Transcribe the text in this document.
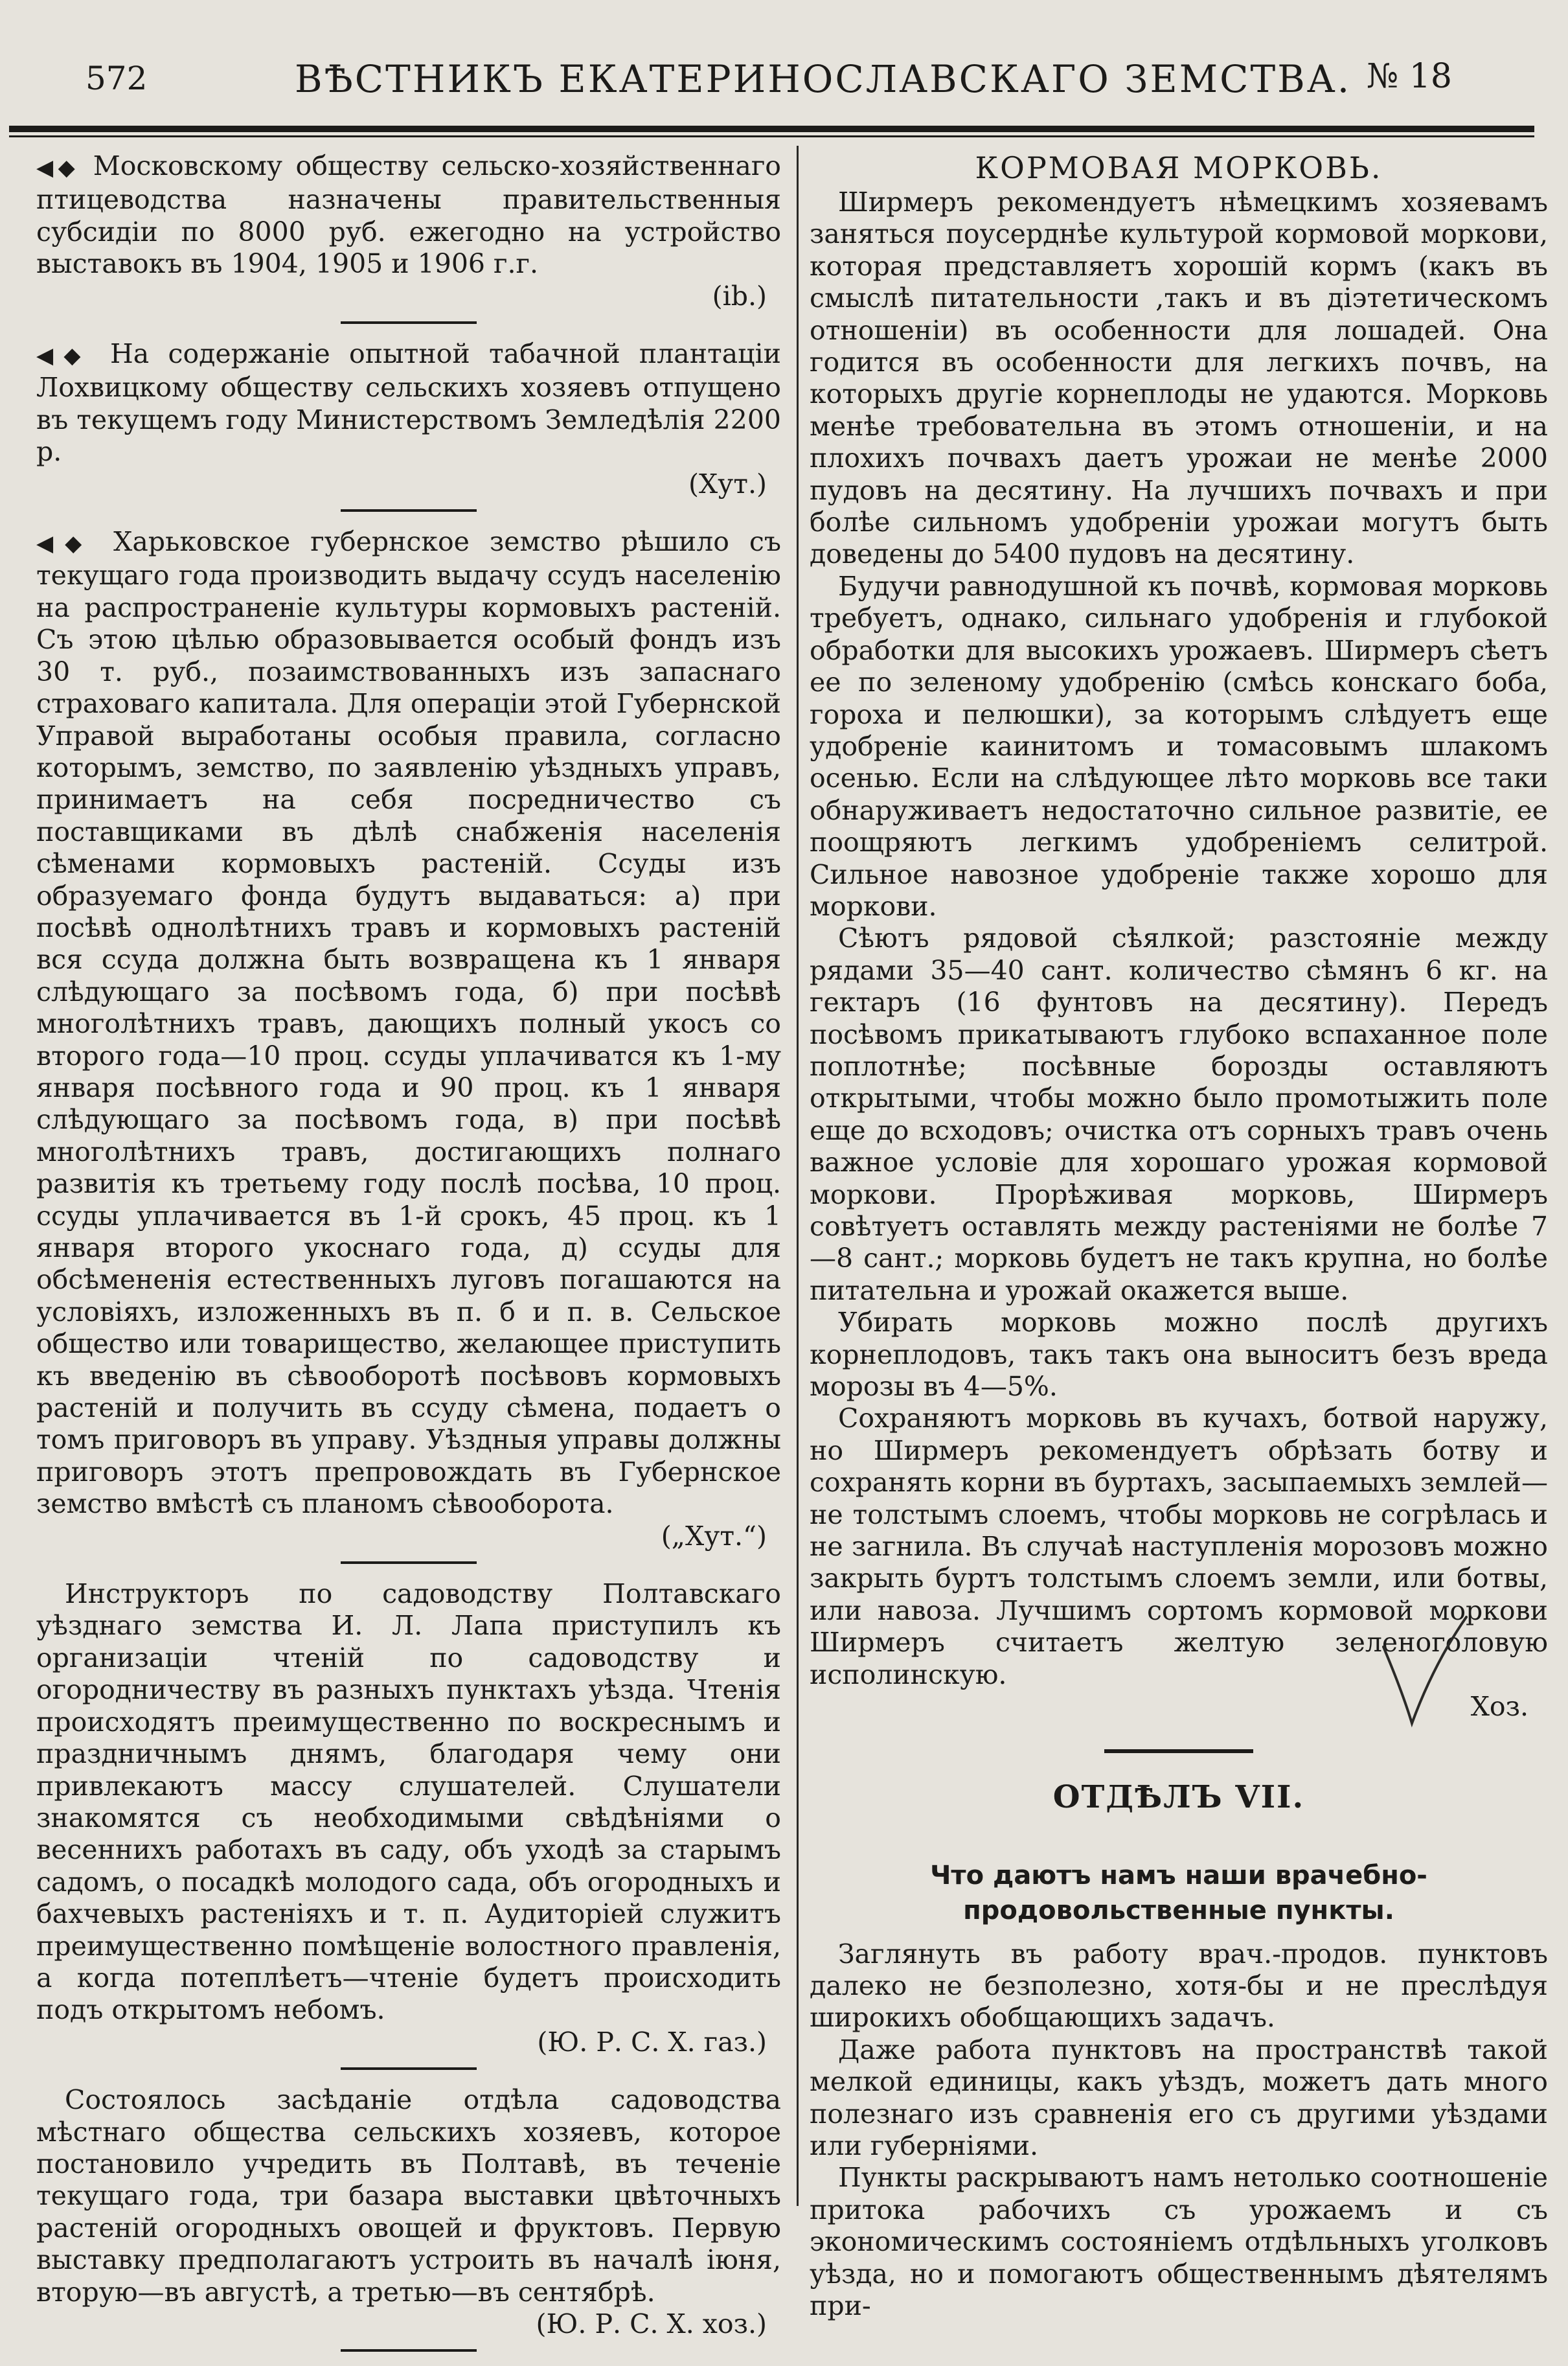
572	ВѢСТНИКЪ ЕКАТЕРИНОСЛАВСКАГО ЗЕМСТВА. № 18
◀◆ Московскому обществу сельско-хозяйственнаго птицеводства назначены правительственныя субсидіи по 8000 руб. ежегодно на устройство выставокъ въ 1904, 1905 и 1906 г.г.
(ib.)
◀◆ На содержаніе опытной табачной плантаціи Лохвицкому обществу сельскихъ хозяевъ отпущено въ текущемъ году Министерствомъ Земледѣлія 2200 р.
(Хут.)
◀◆ Харьковское губернское земство рѣшило съ текущаго года производить выдачу ссудъ населенію на распространеніе культуры кормовыхъ растеній. Съ этою цѣлью образовывается особый фондъ изъ 30 т. руб., позаимствованныхъ изъ запаснаго страховаго капитала. Для операціи этой Губернской Управой выработаны особыя правила, согласно которымъ, земство, по заявленію уѣздныхъ управъ, принимаетъ на себя посредничество съ поставщиками въ дѣлѣ снабженія населенія сѣменами кормовыхъ растеній. Ссуды изъ образуемаго фонда будутъ выдаваться: а) при посѣвѣ однолѣтнихъ травъ и кормовыхъ растеній вся ссуда должна быть возвращена къ 1 января слѣдующаго за посѣвомъ года, б) при посѣвѣ многолѣтнихъ травъ, дающихъ полный укосъ со второго года—10 проц. ссуды уплачиватся къ 1-му января посѣвного года и 90 проц. къ 1 января слѣдующаго за посѣвомъ года, в) при посѣвѣ многолѣтнихъ травъ, достигающихъ полнаго развитія къ третьему году послѣ посѣва, 10 проц. ссуды уплачивается въ 1-й срокъ, 45 проц. къ 1 января второго укоснаго года, д) ссуды для обсѣмененія естественныхъ луговъ погашаются на условіяхъ, изложенныхъ въ п. б и п. в. Сельское общество или товарищество, желающее приступить къ введенію въ сѣвооборотѣ посѣвовъ кормовыхъ растеній и получить въ ссуду сѣмена, подаетъ о томъ приговоръ въ управу. Уѣздныя управы должны приговоръ этотъ препровождать въ Губернское земство вмѣстѣ съ планомъ сѣвооборота.
(„Хут.“)

Инструкторъ по садоводству Полтавскаго уѣзднаго земства И. Л. Лапа приступилъ къ организаціи чтеній по садоводству и огородничеству въ разныхъ пунктахъ уѣзда. Чтенія происходятъ преимущественно по воскреснымъ и праздничнымъ днямъ, благодаря чему они привлекаютъ массу слушателей. Слушатели знакомятся съ необходимыми свѣдѣніями о весеннихъ работахъ въ саду, объ уходѣ за старымъ садомъ, о посадкѣ молодого сада, объ огородныхъ и бахчевыхъ растеніяхъ и т. п. Аудиторіей служитъ преимущественно помѣщеніе волостного правленія, а когда потеплѣетъ—чтеніе будетъ происходить подъ открытомъ небомъ.
(Ю. Р. С. Х. газ.)

Состоялось засѣданіе отдѣла садоводства мѣстнаго общества сельскихъ хозяевъ, которое постановило учредить въ Полтавѣ, въ теченіе текущаго года, три базара выставки цвѣточныхъ растеній огородныхъ овощей и фруктовъ. Первую выставку предполагаютъ устроить въ началѣ іюня, вторую—въ августѣ, а третью—въ сентябрѣ.
(Ю. Р. С. Х. хоз.)

КОРМОВАЯ МОРКОВЬ.

Ширмеръ рекомендуетъ нѣмецкимъ хозяевамъ заняться поусерднѣе культурой кормовой моркови, которая представляетъ хорошій кормъ (какъ въ смыслѣ питательности ,такъ и въ діэтетическомъ отношеніи) въ особенности для лошадей. Она годится въ особенности для легкихъ почвъ, на которыхъ другіе корнеплоды не удаются. Морковь менѣе требовательна въ этомъ отношеніи, и на плохихъ почвахъ даетъ урожаи не менѣе 2000 пудовъ на десятину. На лучшихъ почвахъ и при болѣе сильномъ удобреніи урожаи могутъ быть доведены до 5400 пудовъ на десятину.

Будучи равнодушной къ почвѣ, кормовая морковь требуетъ, однако, сильнаго удобренія и глубокой обработки для высокихъ урожаевъ. Ширмеръ сѣетъ ее по зеленому удобренію (смѣсь конскаго боба, гороха и пелюшки), за которымъ слѣдуетъ еще удобреніе каинитомъ и томасовымъ шлакомъ осенью. Если на слѣдующее лѣто морковь все таки обнаруживаетъ недостаточно сильное развитіе, ее поощряютъ легкимъ удобреніемъ селитрой. Сильное навозное удобреніе также хорошо для моркови.

Сѣютъ рядовой сѣялкой; разстояніе между рядами 35—40 сант. количество сѣмянъ 6 кг. на гектаръ (16 фунтовъ на десятину). Передъ посѣвомъ прикатываютъ глубоко вспаханное поле поплотнѣе; посѣвные борозды оставляютъ открытыми, чтобы можно было промотыжить поле еще до всходовъ; очистка отъ сорныхъ травъ очень важное условіе для хорошаго урожая кормовой моркови. Прорѣживая морковь, Ширмеръ совѣтуетъ оставлять между растеніями не болѣе 7—8 сант.; морковь будетъ не такъ крупна, но болѣе питательна и урожай окажется выше.

Убирать морковь можно послѣ другихъ корнеплодовъ, такъ такъ она выноситъ безъ вреда морозы въ 4—5%.

Сохраняютъ морковь въ кучахъ, ботвой наружу, но Ширмеръ рекомендуетъ обрѣзать ботву и сохранять корни въ буртахъ, засыпаемыхъ землей—не толстымъ слоемъ, чтобы морковь не согрѣлась и не загнила. Въ случаѣ наступленія морозовъ можно закрыть буртъ толстымъ слоемъ земли, или ботвы, или навоза. Лучшимъ сортомъ кормовой моркови Ширмеръ считаетъ желтую зеленоголовую исполинскую.

Хоз.
ОТДѢЛЪ VII.
Что даютъ намъ наши врачебно-продовольственные пункты.

Заглянуть въ работу врач.-продов. пунктовъ далеко не безполезно, хотя-бы и не преслѣдуя широкихъ обобщающихъ задачъ.

Даже работа пунктовъ на пространствѣ такой мелкой единицы, какъ уѣздъ, можетъ дать много полезнаго изъ сравненія его съ другими уѣздами или губерніями.

Пункты раскрываютъ намъ нетолько соотношеніе притока рабочихъ съ урожаемъ и съ экономическимъ состояніемъ отдѣльныхъ уголковъ уѣзда, но и помогаютъ общественнымъ дѣятелямъ при-
